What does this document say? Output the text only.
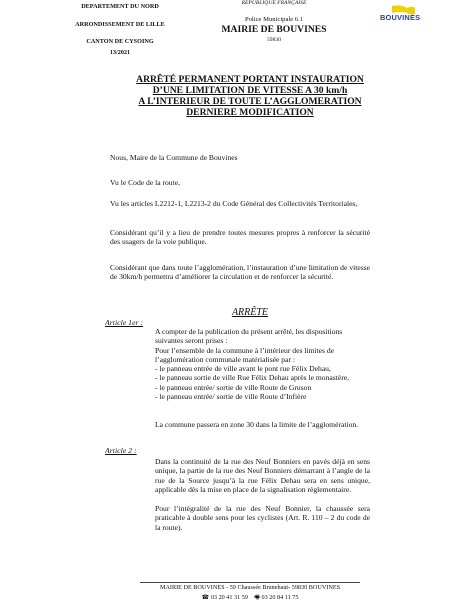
DEPARTEMENT DU NORD
ARRONDISSEMENT DE LILLE
CANTON DE CYSOING
13/2021
REPUBLIQUE FRANÇAISE
Police Municipale 6.1
MAIRIE DE BOUVINES
59830
BOUVINES
ARRÊTÉ PERMANENT PORTANT INSTAURATION
D’UNE LIMITATION DE VITESSE A 30 km/h
A L’INTERIEUR DE TOUTE L’AGGLOMERATION
DERNIERE MODIFICATION
Nous, Maire de la Commune de Bouvines
Vu le Code de la route,
Vu les articles L2212-1, L2213-2 du Code Général des Collectivités Territoriales,
Considérant qu’il y a lieu de prendre toutes mesures propres à renforcer la sécurité des usagers de la voie publique.
Considérant que dans toute l’agglomération, l’instauration d’une limitation de vitesse de 30km/h permettra d’améliorer la circulation et de renforcer la sécurité.
ARRÊTE
Article 1er :
A compter de la publication du présent arrêté, les dispositions
suivantes seront prises :
Pour l’ensemble de la commune à l’intérieur des limites de
l’agglomération communale matérialisée par :
- le panneau entrée de ville avant le pont rue Félix Dehau,
- le panneau sortie de ville Rue Félix Dehau après le monastère,
- le panneau entrée/ sortie de ville Route de Gruson
- le panneau entrée/ sortie de ville Route d’Infière
La commune passera en zone 30 dans la limite de l’agglomération.
Article 2 :
Dans la continuité de la rue des Neuf Bonniers en pavés déjà en sens unique, la partie de la rue des Neuf Bonniers démarrant à l’angle de la rue de la Source jusqu’à la rue Félix Dehau sera en sens unique, applicable dès la mise en place de la signalisation règlementaire.
Pour l’intégralité de la rue des Neuf Bonnier, la chaussée sera praticable à double sens pour les cyclistes (Art. R. 110 – 2 du code de la route).
MAIRIE DE BOUVINES - 59 Chaussée Brunehaut- 59830 BOUVINES
☎ 03 20 41 31 59 🖷 03 20 84 11 75
